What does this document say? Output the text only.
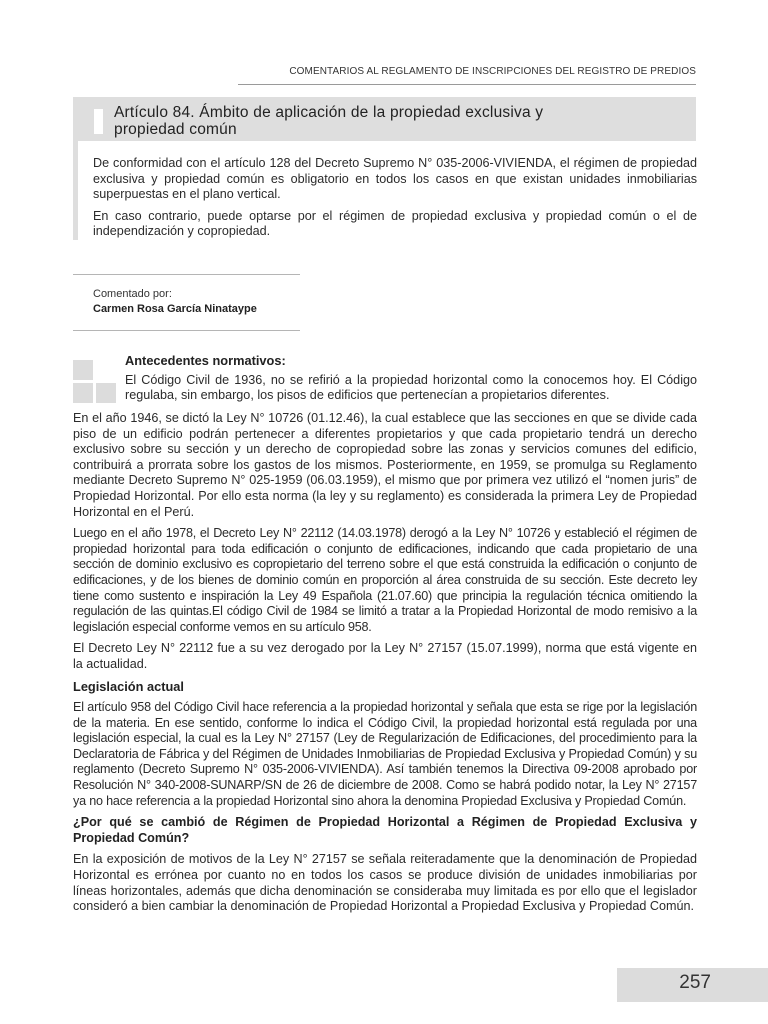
COMENTARIOS AL REGLAMENTO DE INSCRIPCIONES DEL REGISTRO DE PREDIOS
Artículo 84. Ámbito de aplicación de la propiedad exclusiva y
propiedad común

De conformidad con el artículo 128 del Decreto Supremo N° 035-2006-VIVIENDA, el régimen de propiedad exclusiva y propiedad común es obligatorio en todos los casos en que existan unidades inmobiliarias superpuestas en el plano vertical.

En caso contrario, puede optarse por el régimen de propiedad exclusiva y propiedad común o el de independización y copropiedad.

Comentado por:
Carmen Rosa García Ninataype

Antecedentes normativos:

El Código Civil de 1936, no se refirió a la propiedad horizontal como la conocemos hoy. El Código regulaba, sin embargo, los pisos de edificios que pertenecían a propietarios diferentes.

En el año 1946, se dictó la Ley N° 10726 (01.12.46), la cual establece que las secciones en que se divide cada piso de un edificio podrán pertenecer a diferentes propietarios y que cada propietario tendrá un derecho exclusivo sobre su sección y un derecho de copropiedad sobre las zonas y servicios comunes del edificio, contribuirá a prorrata sobre los gastos de los mismos. Posteriormente, en 1959, se promulga su Reglamento mediante Decreto Supremo N° 025-1959 (06.03.1959), el mismo que por primera vez utilizó el “nomen juris” de Propiedad Horizontal. Por ello esta norma (la ley y su reglamento) es considerada la primera Ley de Propiedad Horizontal en el Perú.

Luego en el año 1978, el Decreto Ley N° 22112 (14.03.1978) derogó a la Ley N° 10726 y estableció el régimen de propiedad horizontal para toda edificación o conjunto de edificaciones, indicando que cada propietario de una sección de dominio exclusivo es copropietario del terreno sobre el que está construida la edificación o conjunto de edificaciones, y de los bienes de dominio común en proporción al área construida de su sección. Este decreto ley tiene como sustento e inspiración la Ley 49 Española (21.07.60) que principia la regulación técnica omitiendo la regulación de las quintas.El código Civil de 1984 se limitó a tratar a la Propiedad Horizontal de modo remisivo a la legislación especial conforme vemos en su artículo 958.

El Decreto Ley N° 22112 fue a su vez derogado por la Ley N° 27157 (15.07.1999), norma que está vigente en la actualidad.

Legislación actual

El artículo 958 del Código Civil hace referencia a la propiedad horizontal y señala que esta se rige por la legislación de la materia. En ese sentido, conforme lo indica el Código Civil, la propiedad horizontal está regulada por una legislación especial, la cual es la Ley N° 27157 (Ley de Regularización de Edificaciones, del procedimiento para la Declaratoria de Fábrica y del Régimen de Unidades Inmobiliarias de Propiedad Exclusiva y Propiedad Común) y su reglamento (Decreto Supremo N° 035-2006-VIVIENDA). Así también tenemos la Directiva 09-2008 aprobado por Resolución N° 340-2008-SUNARP/SN de 26 de diciembre de 2008. Como se habrá podido notar, la Ley N° 27157 ya no hace referencia a la propiedad Horizontal sino ahora la denomina Propiedad Exclusiva y Propiedad Común.

¿Por qué se cambió de Régimen de Propiedad Horizontal a Régimen de Propiedad Exclusiva y Propiedad Común?

En la exposición de motivos de la Ley N° 27157 se señala reiteradamente que la denominación de Propiedad Horizontal es errónea por cuanto no en todos los casos se produce división de unidades inmobiliarias por líneas horizontales, además que dicha denominación se consideraba muy limitada es por ello que el legislador consideró a bien cambiar la denominación de Propiedad Horizontal a Propiedad Exclusiva y Propiedad Común.

257
